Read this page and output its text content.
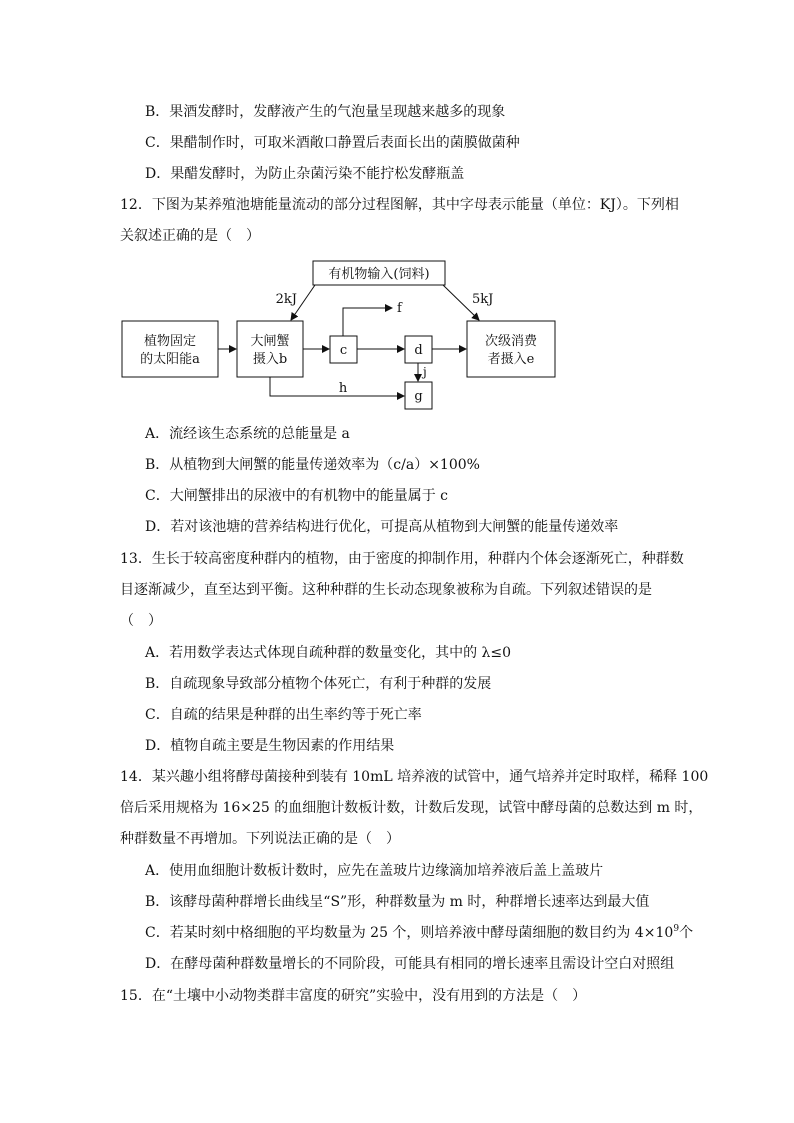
B．果酒发酵时，发酵液产生的气泡量呈现越来越多的现象
C．果醋制作时，可取米酒敞口静置后表面长出的菌膜做菌种
D．果醋发酵时，为防止杂菌污染不能拧松发酵瓶盖
12．下图为某养殖池塘能量流动的部分过程图解，其中字母表示能量（单位：KJ）。下列相
关叙述正确的是（　）
有机物输入(饲料)
2kJ	5kJ
植物固定
的太阳能a
大闸蟹
摄入b
c	d
g
f
j
h
次级消费
者摄入e
A．流经该生态系统的总能量是 a
B．从植物到大闸蟹的能量传递效率为（c/a）×100%
C．大闸蟹排出的尿液中的有机物中的能量属于 c
D．若对该池塘的营养结构进行优化，可提高从植物到大闸蟹的能量传递效率
13．生长于较高密度种群内的植物，由于密度的抑制作用，种群内个体会逐渐死亡，种群数
目逐渐减少，直至达到平衡。这种种群的生长动态现象被称为自疏。下列叙述错误的是
（　）
A．若用数学表达式体现自疏种群的数量变化，其中的 λ≤0
B．自疏现象导致部分植物个体死亡，有利于种群的发展
C．自疏的结果是种群的出生率约等于死亡率
D．植物自疏主要是生物因素的作用结果
14．某兴趣小组将酵母菌接种到装有 10mL 培养液的试管中，通气培养并定时取样，稀释 100
倍后采用规格为 16×25 的血细胞计数板计数，计数后发现，试管中酵母菌的总数达到 m 时，
种群数量不再增加。下列说法正确的是（　）
A．使用血细胞计数板计数时，应先在盖玻片边缘滴加培养液后盖上盖玻片
B．该酵母菌种群增长曲线呈“S”形，种群数量为 m 时，种群增长速率达到最大值
C．若某时刻中格细胞的平均数量为 25 个，则培养液中酵母菌细胞的数目约为 $4\times 10^9$个
D．在酵母菌种群数量增长的不同阶段，可能具有相同的增长速率且需设计空白对照组
15．在“土壤中小动物类群丰富度的研究”实验中，没有用到的方法是（　）
